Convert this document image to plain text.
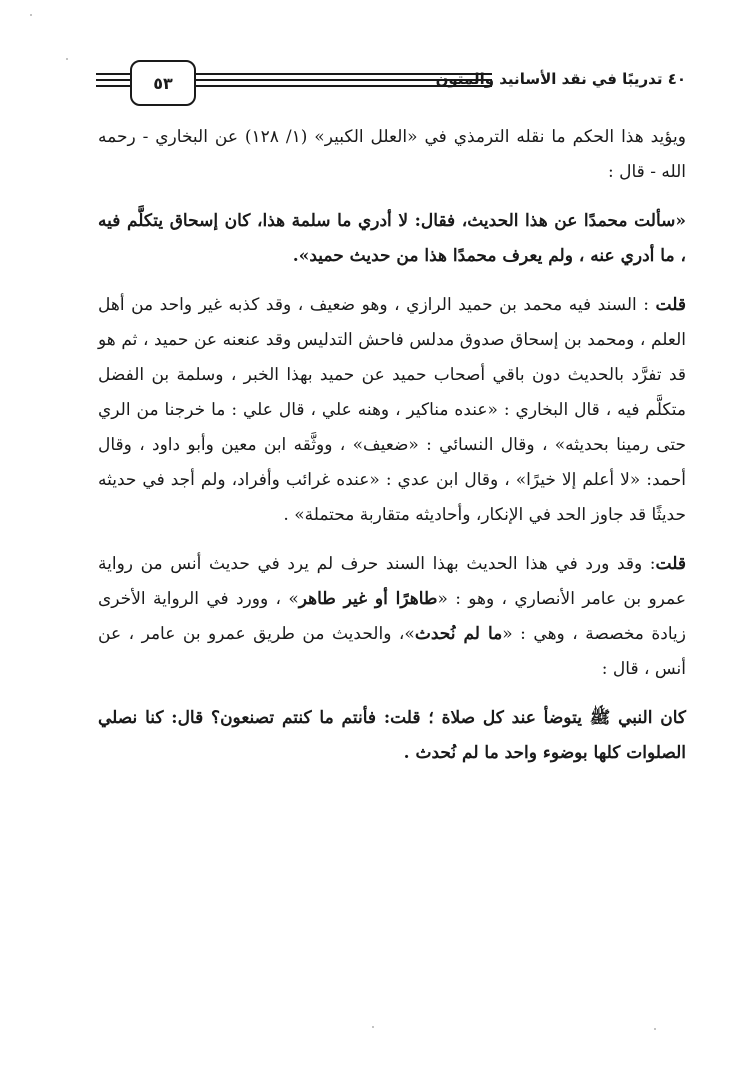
٥٣	٤٠ تدريبًا في نقد الأسانيد والمتون

ويؤيد هذا الحكم ما نقله الترمذي في «العلل الكبير» (١/ ١٢٨) عن البخاري - رحمه الله - قال :

«سألت محمدًا عن هذا الحديث، فقال: لا أدري ما سلمة هذا، كان إسحاق يتكلَّم فيه ، ما أدري عنه ، ولم يعرف محمدًا هذا من حديث حميد».

قلت : السند فيه محمد بن حميد الرازي ، وهو ضعيف ، وقد كذبه غير واحد من أهل العلم ، ومحمد بن إسحاق صدوق مدلس فاحش التدليس وقد عنعنه عن حميد ، ثم هو قد تفرَّد بالحديث دون باقي أصحاب حميد عن حميد بهذا الخبر ، وسلمة بن الفضل متكلَّم فيه ، قال البخاري : «عنده مناكير ، وهنه علي ، قال علي : ما خرجنا من الري حتى رمينا بحديثه» ، وقال النسائي : «ضعيف» ، ووثَّقه ابن معين وأبو داود ، وقال أحمد: «لا أعلم إلا خيرًا» ، وقال ابن عدي : «عنده غرائب وأفراد، ولم أجد في حديثه حديثًا قد جاوز الحد في الإنكار، وأحاديثه متقاربة محتملة» .

قلت: وقد ورد في هذا الحديث بهذا السند حرف لم يرد في حديث أنس من رواية عمرو بن عامر الأنصاري ، وهو : «طاهرًا أو غير طاهر» ، وورد في الرواية الأخرى زيادة مخصصة ، وهي : «ما لم نُحدث»، والحديث من طريق عمرو بن عامر ، عن أنس ، قال :

كان النبي ﷺ يتوضأ عند كل صلاة ؛ قلت: فأنتم ما كنتم تصنعون؟ قال: كنا نصلي الصلوات كلها بوضوء واحد ما لم نُحدث .
